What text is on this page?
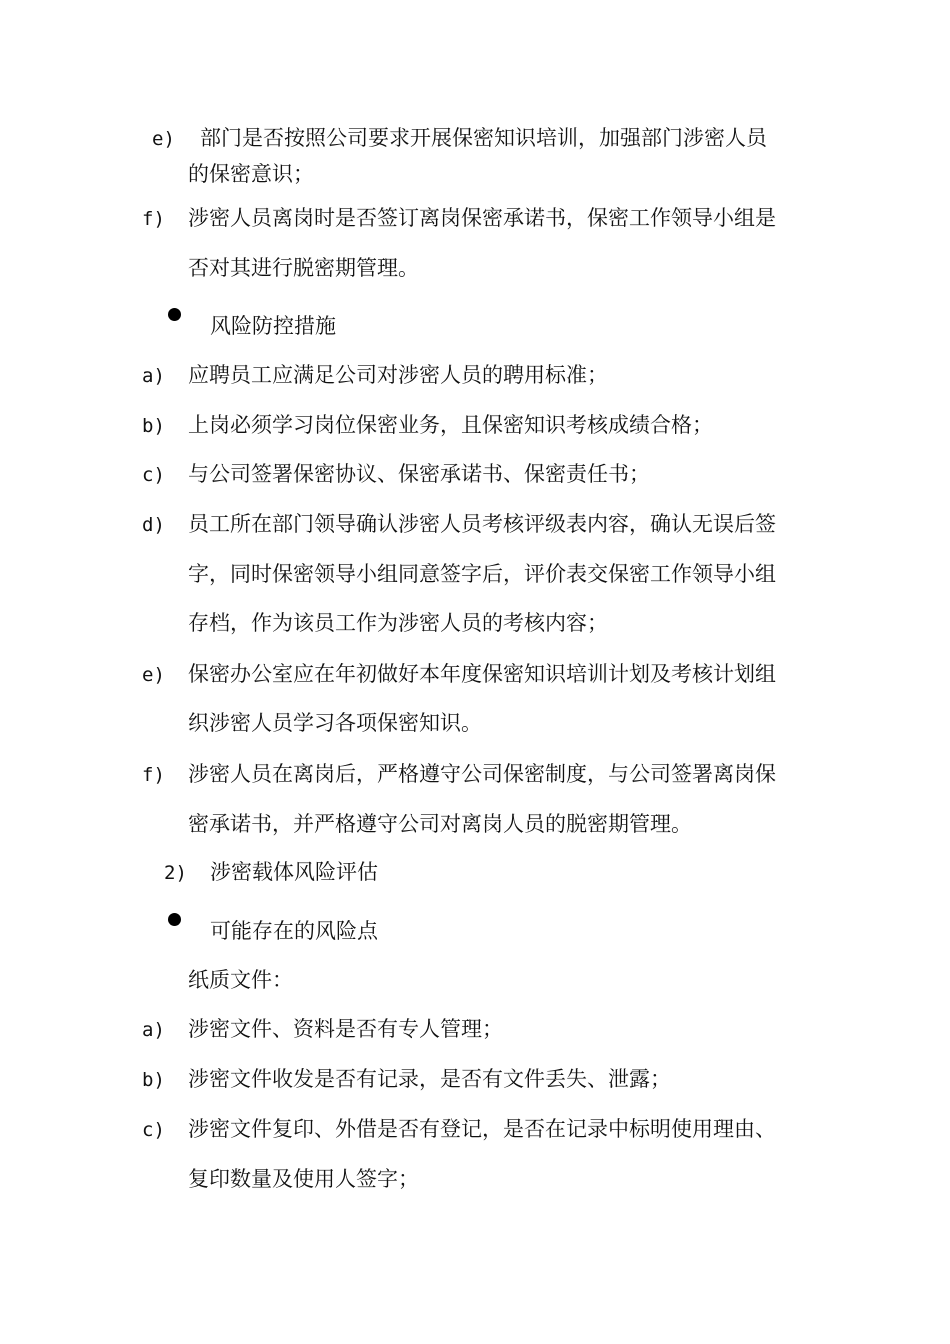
e) 部门是否按照公司要求开展保密知识培训，加强部门涉密人员
的保密意识；
f) 涉密人员离岗时是否签订离岗保密承诺书，保密工作领导小组是
否对其进行脱密期管理。
风险防控措施
a) 应聘员工应满足公司对涉密人员的聘用标准；
b) 上岗必须学习岗位保密业务，且保密知识考核成绩合格；
c) 与公司签署保密协议、保密承诺书、保密责任书；
d) 员工所在部门领导确认涉密人员考核评级表内容，确认无误后签
字，同时保密领导小组同意签字后，评价表交保密工作领导小组
存档，作为该员工作为涉密人员的考核内容；
e) 保密办公室应在年初做好本年度保密知识培训计划及考核计划组
织涉密人员学习各项保密知识。
f) 涉密人员在离岗后，严格遵守公司保密制度，与公司签署离岗保
密承诺书，并严格遵守公司对离岗人员的脱密期管理。
2) 涉密载体风险评估
可能存在的风险点
纸质文件：
a) 涉密文件、资料是否有专人管理；
b) 涉密文件收发是否有记录，是否有文件丢失、泄露；
c) 涉密文件复印、外借是否有登记，是否在记录中标明使用理由、
复印数量及使用人签字；
